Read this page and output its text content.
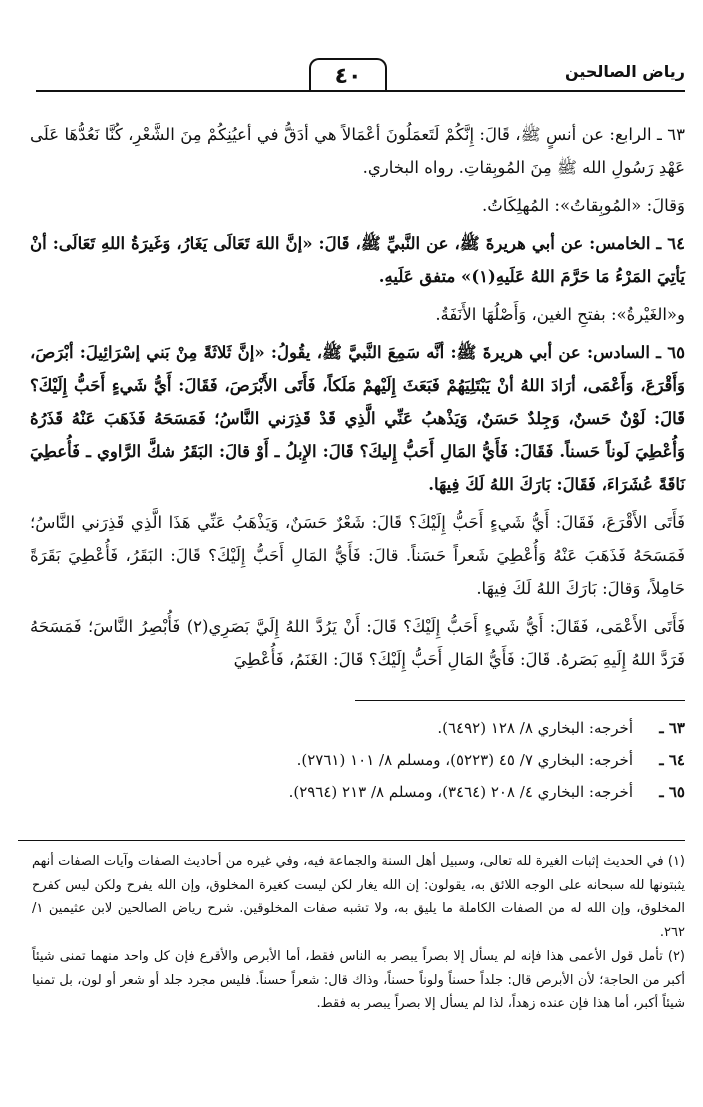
رياض الصالحين
٤٠

٦٣ ـ الرابع: عن أنسٍ ﷺ، قَالَ: إِنَّكُمْ لَتَعمَلُونَ أعْمَالاً هي أدَقُّ في أعيُنِكُمْ مِنَ الشَّعْرِ، كُنَّا نَعُدُّهَا عَلَى عَهْدِ رَسُولِ الله ﷺ مِنَ المُوبِقاتِ. رواه البخاري.

وَقالَ: «المُوبِقاتُ»: المُهلِكَاتُ.

٦٤ ـ الخامس: عن أبي هريرةَ ﷺ، عن النَّبيِّ ﷺ، قَالَ: «إنَّ اللهَ تَعَالَى يَغَارُ، وَغَيرَةُ اللهِ تَعَالَى: أنْ يَأتِيَ المَرْءُ مَا حَرَّمَ اللهُ عَلَيهِ(١)» متفق عَلَيهِ.

و«الغَيْرةُ»: بفتحِ الغين، وَأَصْلُهَا الأَنَفَةُ.

٦٥ ـ السادس: عن أبي هريرةَ ﷺ: أنَّه سَمِعَ النَّبيَّ ﷺ، يقُولُ: «إنَّ ثَلاثَةً مِنْ بَني إسْرَائِيلَ: أبْرَصَ، وَأَقْرَعَ، وَأَعْمَى، أرَادَ اللهُ أنْ يَبْتَلِيَهُمْ فَبَعَثَ إِلَيْهمْ مَلَكاً، فَأَتَى الأَبْرَصَ، فَقَالَ: أَيُّ شَيءٍ أَحَبُّ إِلَيْكَ؟ قَالَ: لَوْنٌ حَسنٌ، وَجِلدٌ حَسَنٌ، وَيَذْهبُ عَنِّي الَّذِي قَدْ قَذِرَني النَّاسُ؛ فَمَسَحَهُ فَذَهَبَ عَنْهُ قَذَرُهُ وَأُعْطِيَ لَوناً حَسناً. فَقَالَ: فَأَيُّ المَالِ أَحَبُّ إِليكَ؟ قَالَ: الإِبلُ ـ أَوْ قالَ: البَقَرُ شكَّ الرَّاوي ـ فَأُعطِيَ نَاقَةً عُشَرَاءَ، فَقَالَ: بَارَكَ اللهُ لَكَ فِيهَا.

فَأَتَى الأَقْرَعَ، فَقَالَ: أَيُّ شَيءٍ أَحَبُّ إِلَيْكَ؟ قَالَ: شَعْرٌ حَسَنٌ، وَيَذْهَبُ عَنِّي هَذَا الَّذِي قَذِرَني النَّاسُ؛ فَمَسَحَهُ فَذَهَبَ عَنْهُ وَأُعْطِيَ شَعراً حَسَناً. قالَ: فَأَيُّ المَالِ أَحَبُّ إِلَيْكَ؟ قَالَ: البَقَرُ، فَأُعْطِيَ بَقَرَةً حَامِلاً، وَقالَ: بَارَكَ اللهُ لَكَ فِيهَا.

فَأَتَى الأَعْمَى، فَقَالَ: أَيُّ شَيءٍ أَحَبُّ إِلَيْكَ؟ قَالَ: أَنْ يَرُدَّ اللهُ إِلَيَّ بَصَرِي(٢) فَأُبْصِرُ النَّاسَ؛ فَمَسَحَهُ فَرَدَّ اللهُ إِلَيهِ بَصَرهُ. قَالَ: فَأَيُّ المَالِ أَحَبُّ إِلَيْكَ؟ قَالَ: الغَنَمُ، فَأُعْطِيَ

٦٣ ـأخرجه: البخاري ٨/ ١٢٨ (٦٤٩٢).
٦٤ ـأخرجه: البخاري ٧/ ٤٥ (٥٢٢٣)، ومسلم ٨/ ١٠١ (٢٧٦١).
٦٥ ـأخرجه: البخاري ٤/ ٢٠٨ (٣٤٦٤)، ومسلم ٨/ ٢١٣ (٢٩٦٤).

(١) في الحديث إثبات الغيرة لله تعالى، وسبيل أهل السنة والجماعة فيه، وفي غيره من أحاديث الصفات وآيات الصفات أنهم يثبتونها لله سبحانه على الوجه اللائق به، يقولون: إن الله يغار لكن ليست كغيرة المخلوق، وإن الله يفرح ولكن ليس كفرح المخلوق، وإن الله له من الصفات الكاملة ما يليق به، ولا تشبه صفات المخلوقين. شرح رياض الصالحين لابن عثيمين ١/ ٢٦٢.

(٢) تأمل قول الأعمى هذا فإنه لم يسأل إلا بصراً يبصر به الناس فقط، أما الأبرص والأقرع فإن كل واحد منهما تمنى شيئاً أكبر من الحاجة؛ لأن الأبرص قال: جلداً حسناً ولوناً حسناً، وذاك قال: شعراً حسناً. فليس مجرد جلد أو شعر أو لون، بل تمنيا شيئاً أكبر، أما هذا فإن عنده زهداً، لذا لم يسأل إلا بصراً يبصر به فقط.
